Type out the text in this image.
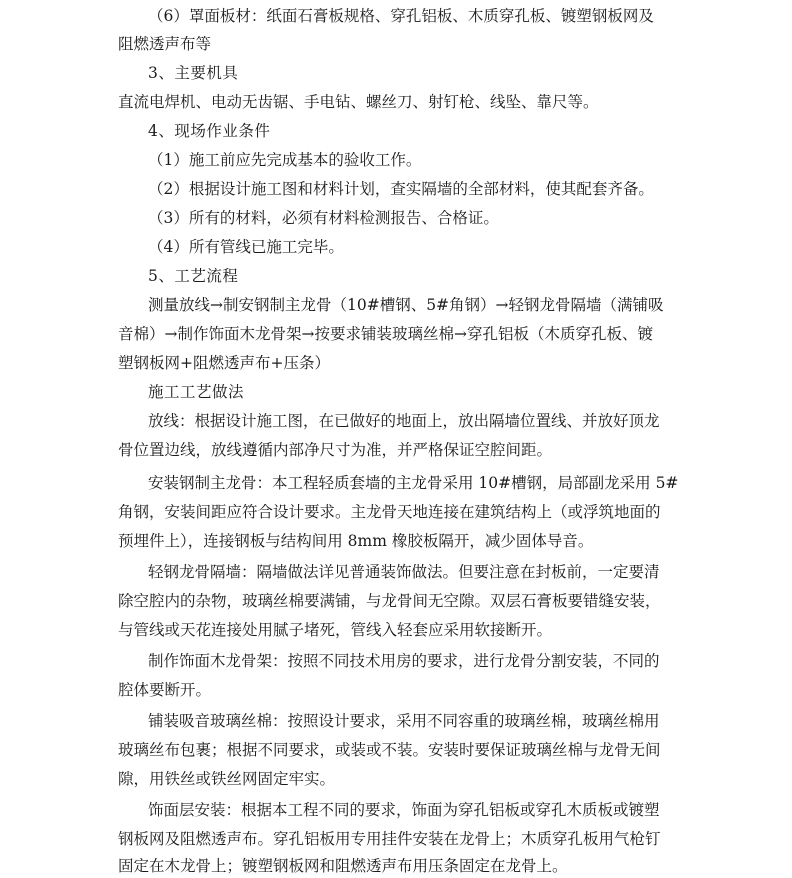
（6）罩面板材：纸面石膏板规格、穿孔铝板、木质穿孔板、镀塑钢板网及
阻燃透声布等
3、主要机具
直流电焊机、电动无齿锯、手电钻、螺丝刀、射钉枪、线坠、靠尺等。
4、现场作业条件
（1）施工前应先完成基本的验收工作。
（2）根据设计施工图和材料计划，查实隔墙的全部材料，使其配套齐备。
（3）所有的材料，必须有材料检测报告、合格证。
（4）所有管线已施工完毕。
5、工艺流程
测量放线→制安钢制主龙骨（10#槽钢、5#角钢）→轻钢龙骨隔墙（满铺吸
音棉）→制作饰面木龙骨架→按要求铺装玻璃丝棉→穿孔铝板（木质穿孔板、镀
塑钢板网+阻燃透声布+压条）
施工工艺做法
放线：根据设计施工图，在已做好的地面上，放出隔墙位置线、并放好顶龙
骨位置边线，放线遵循内部净尺寸为准，并严格保证空腔间距。
安装钢制主龙骨：本工程轻质套墙的主龙骨采用 10#槽钢，局部副龙采用 5#
角钢，安装间距应符合设计要求。主龙骨天地连接在建筑结构上（或浮筑地面的
预埋件上），连接钢板与结构间用 8mm 橡胶板隔开，减少固体导音。
轻钢龙骨隔墙：隔墙做法详见普通装饰做法。但要注意在封板前，一定要清
除空腔内的杂物，玻璃丝棉要满铺，与龙骨间无空隙。双层石膏板要错缝安装，
与管线或天花连接处用腻子堵死，管线入轻套应采用软接断开。
制作饰面木龙骨架：按照不同技术用房的要求，进行龙骨分割安装，不同的
腔体要断开。
铺装吸音玻璃丝棉：按照设计要求，采用不同容重的玻璃丝棉，玻璃丝棉用
玻璃丝布包裹；根据不同要求，或装或不装。安装时要保证玻璃丝棉与龙骨无间
隙，用铁丝或铁丝网固定牢实。
饰面层安装：根据本工程不同的要求，饰面为穿孔铝板或穿孔木质板或镀塑
钢板网及阻燃透声布。穿孔铝板用专用挂件安装在龙骨上；木质穿孔板用气枪钉
固定在木龙骨上；镀塑钢板网和阻燃透声布用压条固定在龙骨上。
